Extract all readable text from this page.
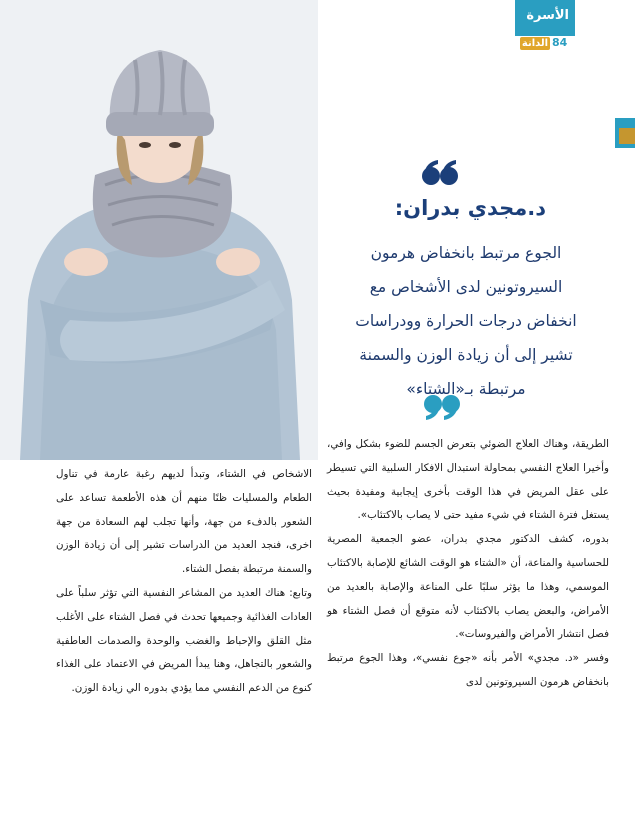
الأسرة
الدانة 84
د.مجدي بدران:
الجوع مرتبط بانخفاض هرمون
السيروتونين لدى الأشخاص مع
انخفاض درجات الحرارة وودراسات
تشير إلى أن زيادة الوزن والسمنة
مرتبطة بـ«الشتاء»

الطريقة، وهناك العلاج الضوئي بتعرض الجسم للضوء بشكل وافي، وأخيرا العلاج النفسي بمحاولة استبدال الافكار السلبية التي تسيطر على عقل المريض في هذا الوقت بأخرى إيجابية ومفيدة بحيث يستغل فترة الشتاء في شيء مفيد حتى لا يصاب بالاكتئاب».

بدوره، كشف الدكتور مجدي بدران، عضو الجمعية المصرية للحساسية والمناعة، أن «الشتاء هو الوقت الشائع للإصابة بالاكتئاب الموسمي، وهذا ما يؤثر سلبًا على المناعة والإصابة بالعديد من الأمراض، والبعض يصاب بالاكتئاب لأنه متوقع أن فصل الشتاء هو فصل انتشار الأمراض والفيروسات».

وفسر «د. مجدي» الأمر بأنه «جوع نفسي»، وهذا الجوع مرتبط بانخفاض هرمون السيروتونين لدى

الاشخاص في الشتاء، وتبدأ لديهم رغبة عارمة في تناول الطعام والمسليات ظنًا منهم أن هذه الأطعمة تساعد على الشعور بالدفء من جهة، وأنها تجلب لهم السعادة من جهة اخرى، فنجد العديد من الدراسات تشير إلى أن زيادة الوزن والسمنة مرتبطة بفصل الشتاء.

وتابع: هناك العديد من المشاعر النفسية التي تؤثر سلباً على العادات الغذائية وجميعها تحدث في فصل الشتاء على الأغلب مثل القلق والإحباط والغضب والوحدة والصدمات العاطفية والشعور بالتجاهل، وهنا يبدأ المريض في الاعتماد على الغذاء كنوع من الدعم النفسي مما يؤدي بدوره الي زيادة الوزن.
